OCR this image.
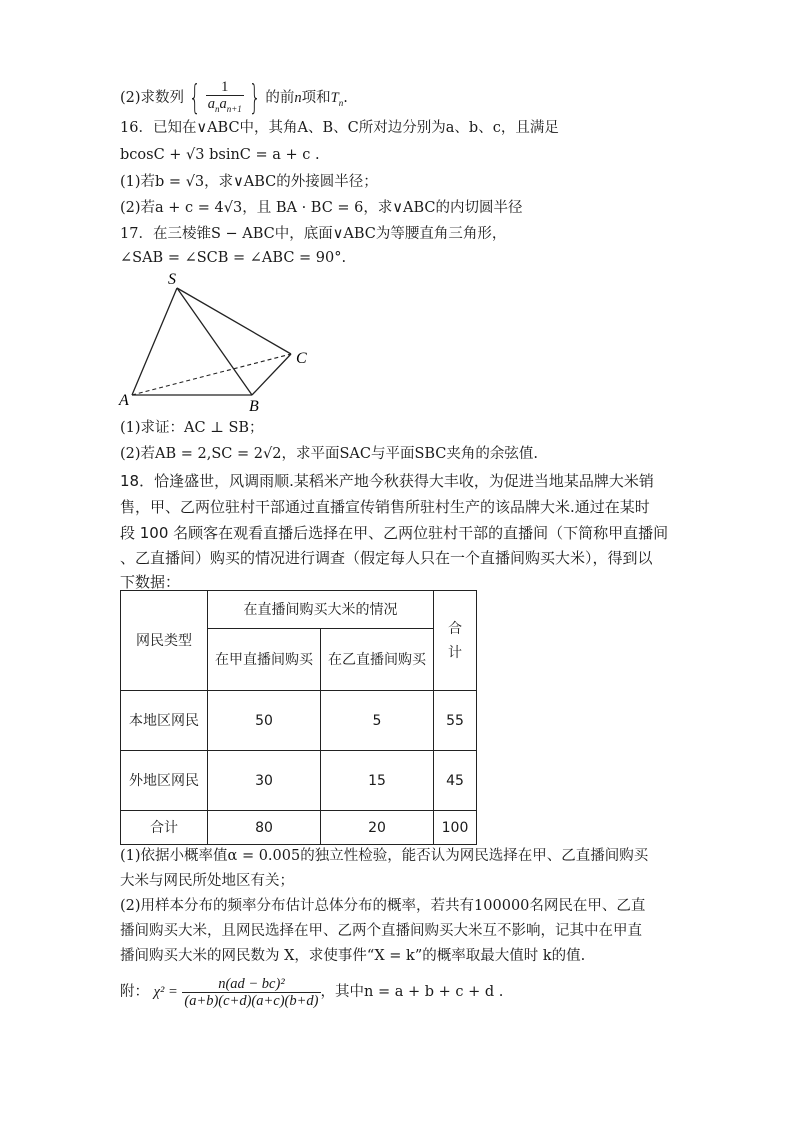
(2)求数列 { $\frac{1}{a_na_{n+1}}$ } 的前n项和$T_n$.
16．已知在∨ABC中，其角A、B、C所对边分别为a、b、c，且满足
bcosC + √3 bsinC = a + c .
(1)若b = √3，求∨ABC的外接圆半径；
(2)若a + c = 4√3，且 BA · BC = 6，求∨ABC的内切圆半径
17．在三棱锥S − ABC中，底面∨ABC为等腰直角三角形，
∠SAB = ∠SCB = ∠ABC = 90°.
S
A	B
C
(1)求证：AC ⊥ SB；
(2)若AB = 2,SC = 2√2，求平面SAC与平面SBC夹角的余弦值.
18．恰逢盛世，风调雨顺.某稻米产地今秋获得大丰收，为促进当地某品牌大米销
售，甲、乙两位驻村干部通过直播宣传销售所驻村生产的该品牌大米.通过在某时
段 100 名顾客在观看直播后选择在甲、乙两位驻村干部的直播间（下简称甲直播间
、乙直播间）购买的情况进行调查（假定每人只在一个直播间购买大米），得到以
下数据：
网民类型	在直播间购买大米的情况		合计
	在甲直播间购买	在乙直播间购买	
本地区网民	50	5	55
外地区网民	30	15	45
合计	80	20	100
(1)依据小概率值α = 0.005的独立性检验，能否认为网民选择在甲、乙直播间购买
大米与网民所处地区有关；
(2)用样本分布的频率分布估计总体分布的概率，若共有100000名网民在甲、乙直
播间购买大米，且网民选择在甲、乙两个直播间购买大米互不影响，记其中在甲直
播间购买大米的网民数为 X，求使事件“X = k”的概率取最大值时 k的值.
附： $\chi^2 = \frac{\text{n(ad − bc)²}}{(a+b)(c+d)(a+c)(b+d)}$ ，其中n = a + b + c + d .
